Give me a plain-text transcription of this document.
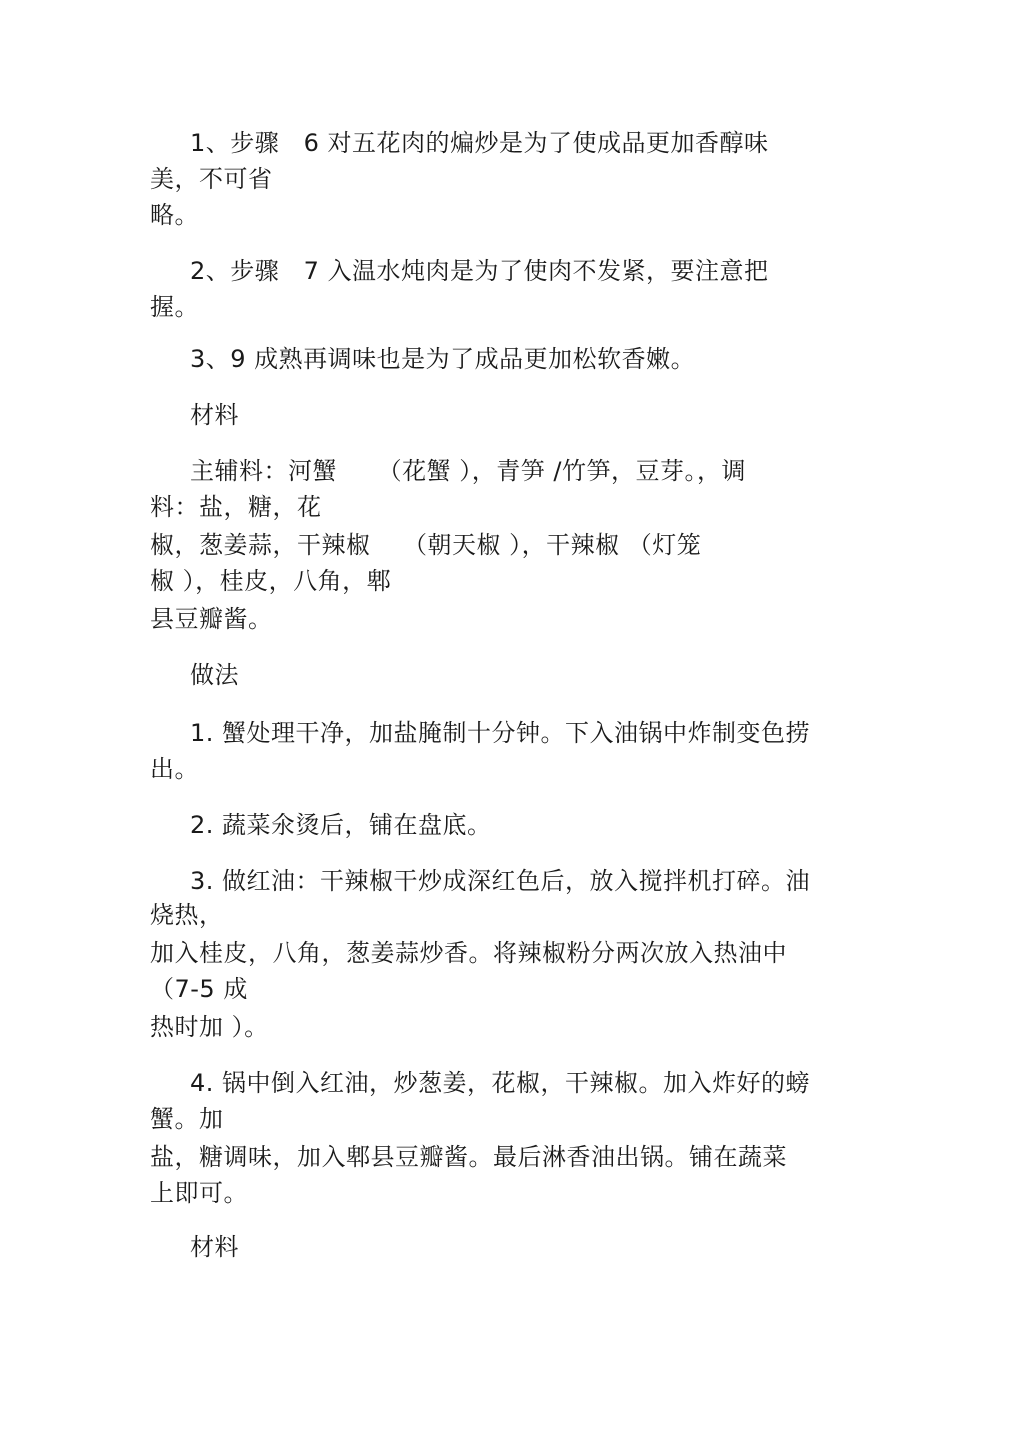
1、步骤   6 对五花肉的煸炒是为了使成品更加香醇味
美，不可省
略。
2、步骤   7 入温水炖肉是为了使肉不发紧，要注意把
握。
3、9 成熟再调味也是为了成品更加松软香嫩。
材料
主辅料：河蟹     （花蟹 ），青笋 /竹笋，豆芽。，调
料：盐，糖，花
椒，葱姜蒜，干辣椒    （朝天椒 ），干辣椒 （灯笼
椒 ），桂皮，八角，郫
县豆瓣酱。
做法
1. 蟹处理干净，加盐腌制十分钟。下入油锅中炸制变色捞
出。
2. 蔬菜氽烫后，铺在盘底。
3. 做红油：干辣椒干炒成深红色后，放入搅拌机打碎。油
烧热，
加入桂皮，八角，葱姜蒜炒香。将辣椒粉分两次放入热油中
（7-5 成
热时加 ）。
4. 锅中倒入红油，炒葱姜，花椒，干辣椒。加入炸好的螃
蟹。加
盐，糖调味，加入郫县豆瓣酱。最后淋香油出锅。铺在蔬菜
上即可。
材料
